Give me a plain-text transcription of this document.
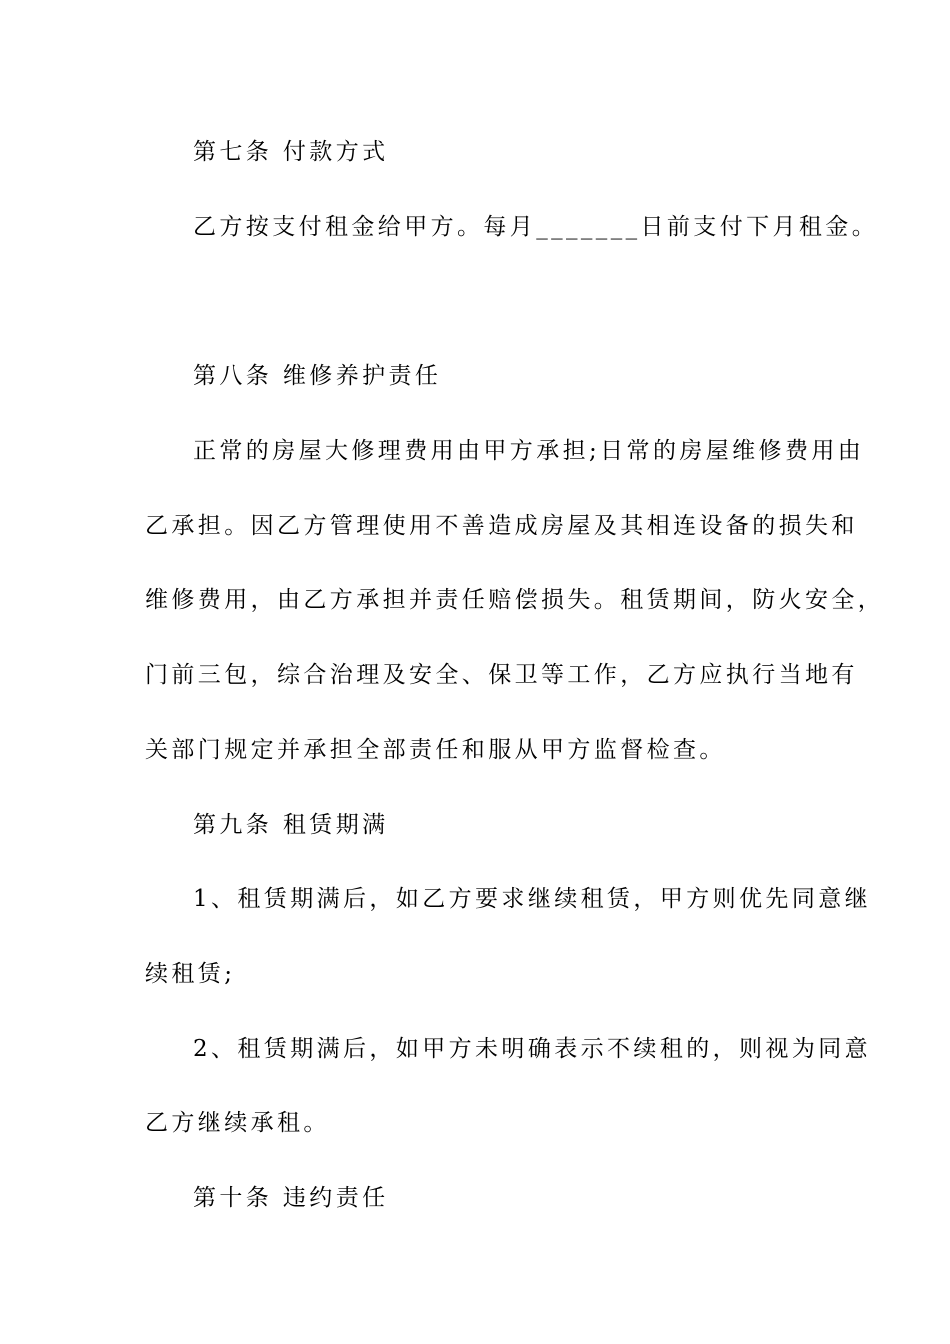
第七条 付款方式
乙方按支付租金给甲方。每月_______日前支付下月租金。
第八条 维修养护责任
正常的房屋大修理费用由甲方承担;日常的房屋维修费用由
乙承担。因乙方管理使用不善造成房屋及其相连设备的损失和
维修费用，由乙方承担并责任赔偿损失。租赁期间，防火安全，
门前三包，综合治理及安全、保卫等工作，乙方应执行当地有
关部门规定并承担全部责任和服从甲方监督检查。
第九条 租赁期满
1、租赁期满后，如乙方要求继续租赁，甲方则优先同意继
续租赁;
2、租赁期满后，如甲方未明确表示不续租的，则视为同意
乙方继续承租。
第十条 违约责任
